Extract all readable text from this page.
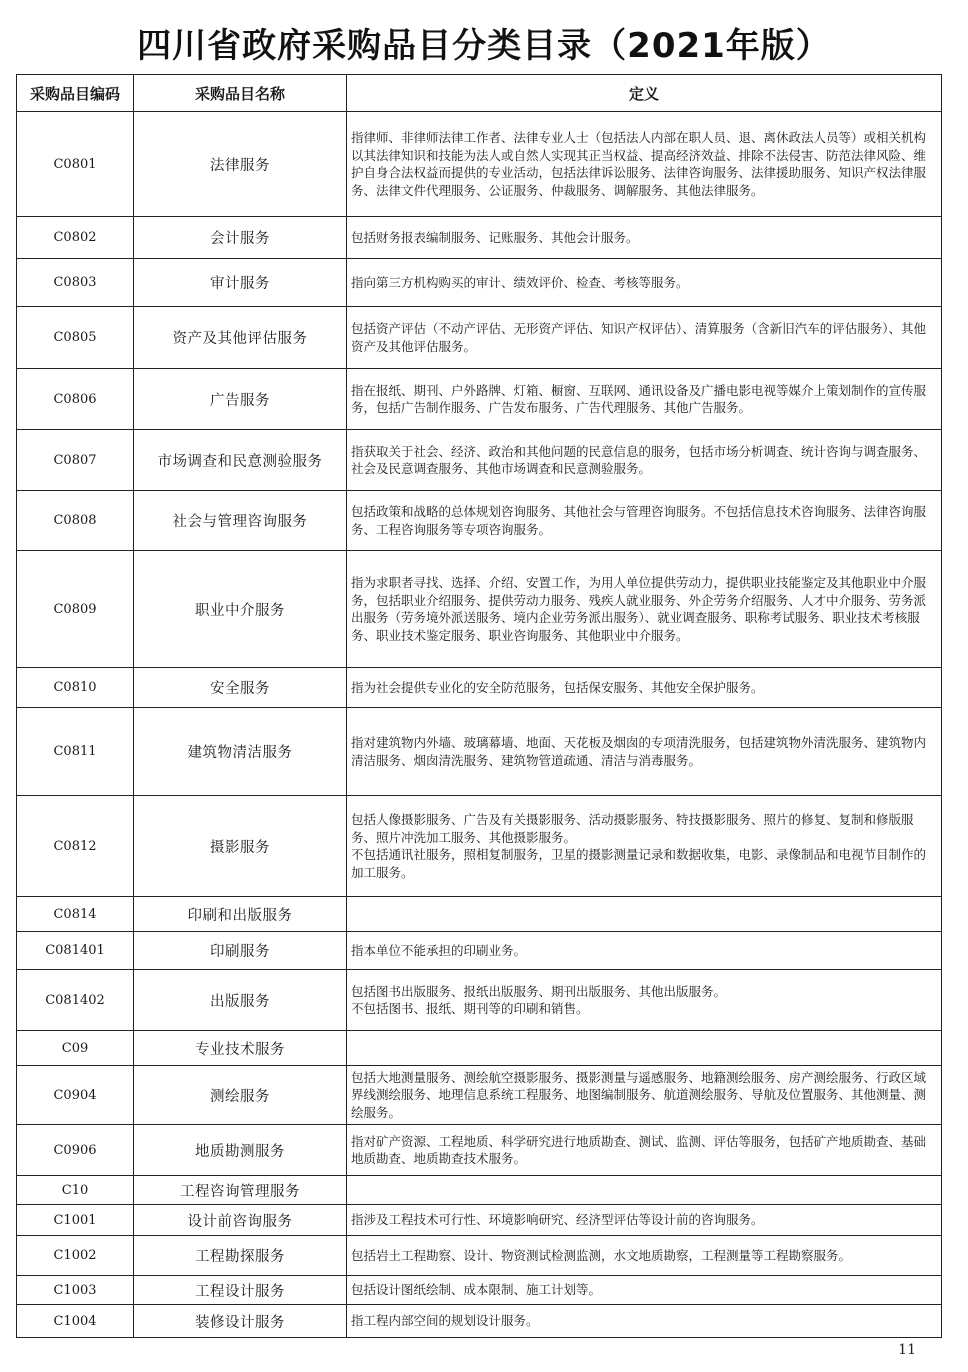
四川省政府采购品目分类目录（2021年版）
采购品目编码	采购品目名称	定义
C0801	法律服务	指律师、非律师法律工作者、法律专业人士（包括法人内部在职人员、退、离休政法人员等）或相关机构以其法律知识和技能为法人或自然人实现其正当权益、提高经济效益、排除不法侵害、防范法律风险、维护自身合法权益而提供的专业活动，包括法律诉讼服务、法律咨询服务、法律援助服务、知识产权法律服务、法律文件代理服务、公证服务、仲裁服务、调解服务、其他法律服务。
C0802	会计服务	包括财务报表编制服务、记账服务、其他会计服务。
C0803	审计服务	指向第三方机构购买的审计、绩效评价、检查、考核等服务。
C0805	资产及其他评估服务	包括资产评估（不动产评估、无形资产评估、知识产权评估）、清算服务（含新旧汽车的评估服务）、其他资产及其他评估服务。
C0806	广告服务	指在报纸、期刊、户外路牌、灯箱、橱窗、互联网、通讯设备及广播电影电视等媒介上策划制作的宣传服务，包括广告制作服务、广告发布服务、广告代理服务、其他广告服务。
C0807	市场调查和民意测验服务	指获取关于社会、经济、政治和其他问题的民意信息的服务，包括市场分析调查、统计咨询与调查服务、社会及民意调查服务、其他市场调查和民意测验服务。
C0808	社会与管理咨询服务	包括政策和战略的总体规划咨询服务、其他社会与管理咨询服务。不包括信息技术咨询服务、法律咨询服务、工程咨询服务等专项咨询服务。
C0809	职业中介服务	指为求职者寻找、选择、介绍、安置工作，为用人单位提供劳动力，提供职业技能鉴定及其他职业中介服务，包括职业介绍服务、提供劳动力服务、残疾人就业服务、外企劳务介绍服务、人才中介服务、劳务派出服务（劳务境外派送服务、境内企业劳务派出服务）、就业调查服务、职称考试服务、职业技术考核服务、职业技术鉴定服务、职业咨询服务、其他职业中介服务。
C0810	安全服务	指为社会提供专业化的安全防范服务，包括保安服务、其他安全保护服务。
C0811	建筑物清洁服务	指对建筑物内外墙、玻璃幕墙、地面、天花板及烟囱的专项清洗服务，包括建筑物外清洗服务、建筑物内清洁服务、烟囱清洗服务、建筑物管道疏通、清洁与消毒服务。
C0812	摄影服务	包括人像摄影服务、广告及有关摄影服务、活动摄影服务、特技摄影服务、照片的修复、复制和修版服务、照片冲洗加工服务、其他摄影服务。
不包括通讯社服务，照相复制服务，卫星的摄影测量记录和数据收集，电影、录像制品和电视节目制作的加工服务。
C0814	印刷和出版服务	
C081401	印刷服务	指本单位不能承担的印刷业务。
C081402	出版服务	包括图书出版服务、报纸出版服务、期刊出版服务、其他出版服务。
不包括图书、报纸、期刊等的印刷和销售。
C09	专业技术服务	
C0904	测绘服务	包括大地测量服务、测绘航空摄影服务、摄影测量与遥感服务、地籍测绘服务、房产测绘服务、行政区域界线测绘服务、地理信息系统工程服务、地图编制服务、航道测绘服务、导航及位置服务、其他测量、测绘服务。
C0906	地质勘测服务	指对矿产资源、工程地质、科学研究进行地质勘查、测试、监测、评估等服务，包括矿产地质勘查、基础地质勘查、地质勘查技术服务。
C10	工程咨询管理服务	
C1001	设计前咨询服务	指涉及工程技术可行性、环境影响研究、经济型评估等设计前的咨询服务。
C1002	工程勘探服务	包括岩土工程勘察、设计、物资测试检测监测，水文地质勘察，工程测量等工程勘察服务。
C1003	工程设计服务	包括设计图纸绘制、成本限制、施工计划等。
C1004	装修设计服务	指工程内部空间的规划设计服务。
11
